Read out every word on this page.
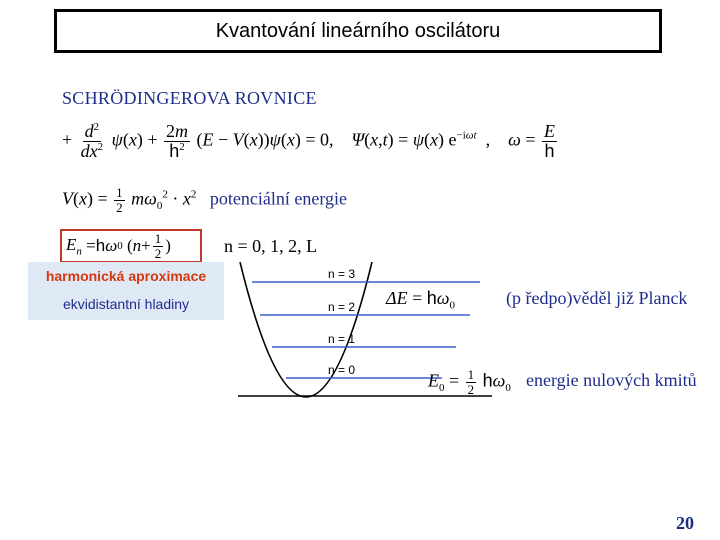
Kvantování lineárního oscilátoru
SCHRÖDINGEROVA ROVNICE
+ $\frac{d^2}{dx^2} \psi(x) + \frac{2m}{h^2} (E - V(x))\psi(x) = 0$,    Ψ(x,t) = ψ(x) $e^{-i\omega t}$  ,    $\omega = \frac{E}{h}$
$V(x) = \frac{1}{2} m\omega_0^2 \cdot x^2$ potenciální energie
$E_n = h$ ω 0 ( $n + \frac{1}{2}$ )	n = 0, 1, 2, L
harmonická aproximace
ekvidistantní hladiny
n = 3
n = 2
n = 1
n = 0
$\Delta E = h\omega_0$	(p ředpo)věděl již Planck
$E_0 = \frac{1}{2} h\omega_0$ energie nulových kmitů
20
